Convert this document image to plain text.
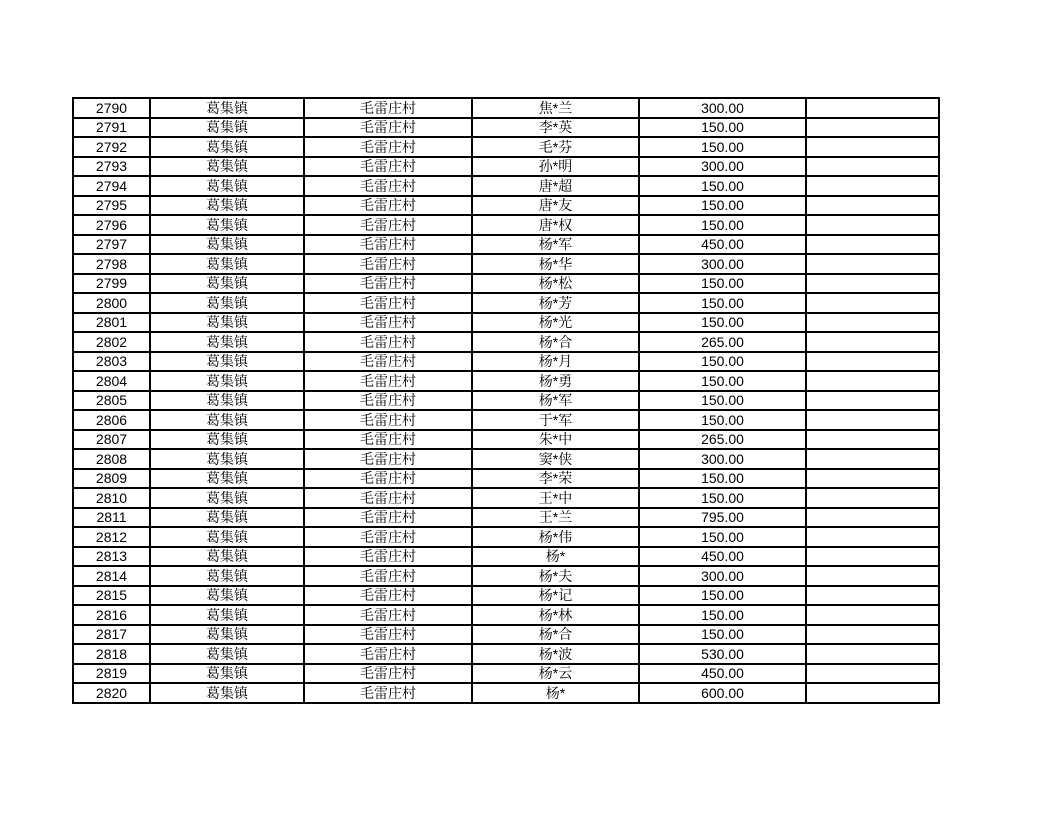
2790	葛集镇	毛雷庄村	焦*兰	300.00	
2791	葛集镇	毛雷庄村	李*英	150.00	
2792	葛集镇	毛雷庄村	毛*芬	150.00	
2793	葛集镇	毛雷庄村	孙*明	300.00	
2794	葛集镇	毛雷庄村	唐*超	150.00	
2795	葛集镇	毛雷庄村	唐*友	150.00	
2796	葛集镇	毛雷庄村	唐*权	150.00	
2797	葛集镇	毛雷庄村	杨*军	450.00	
2798	葛集镇	毛雷庄村	杨*华	300.00	
2799	葛集镇	毛雷庄村	杨*松	150.00	
2800	葛集镇	毛雷庄村	杨*芳	150.00	
2801	葛集镇	毛雷庄村	杨*光	150.00	
2802	葛集镇	毛雷庄村	杨*合	265.00	
2803	葛集镇	毛雷庄村	杨*月	150.00	
2804	葛集镇	毛雷庄村	杨*勇	150.00	
2805	葛集镇	毛雷庄村	杨*军	150.00	
2806	葛集镇	毛雷庄村	于*军	150.00	
2807	葛集镇	毛雷庄村	朱*中	265.00	
2808	葛集镇	毛雷庄村	窦*侠	300.00	
2809	葛集镇	毛雷庄村	李*荣	150.00	
2810	葛集镇	毛雷庄村	王*中	150.00	
2811	葛集镇	毛雷庄村	王*兰	795.00	
2812	葛集镇	毛雷庄村	杨*伟	150.00	
2813	葛集镇	毛雷庄村	杨*	450.00	
2814	葛集镇	毛雷庄村	杨*夫	300.00	
2815	葛集镇	毛雷庄村	杨*记	150.00	
2816	葛集镇	毛雷庄村	杨*林	150.00	
2817	葛集镇	毛雷庄村	杨*合	150.00	
2818	葛集镇	毛雷庄村	杨*波	530.00	
2819	葛集镇	毛雷庄村	杨*云	450.00	
2820	葛集镇	毛雷庄村	杨*	600.00	
